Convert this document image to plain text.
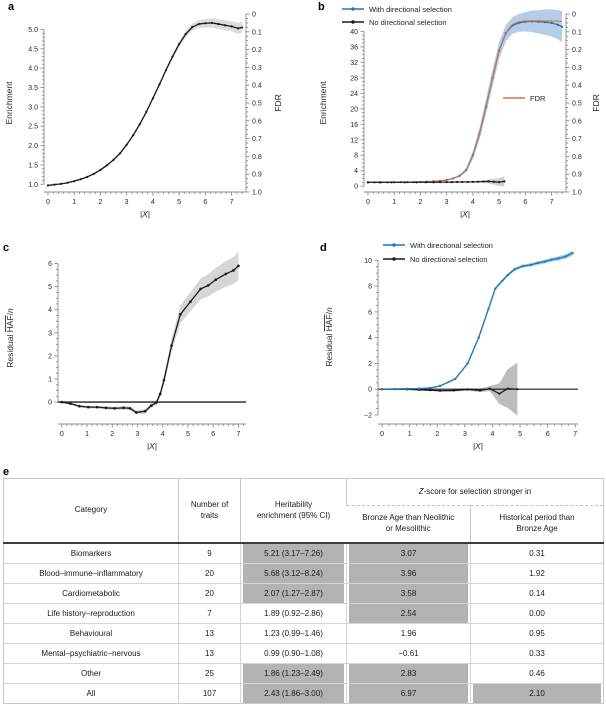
a	b
c	d
e
0	1	2	3	4	5	6	7
|X|
1.0
1.5
2.0
2.5
3.0
3.5
4.0
4.5
5.0
Enrichment
0
0.1
0.2
0.3
0.4
0.5
0.6
0.7
0.8
0.9
1.0
FDR
0	1	2	3	4	5	6	7
|X|
0
4
8
12
16
20
24
28
32
36
40
Enrichment
0
0.1
0.2
0.3
0.4
0.5
0.6
0.7
0.8
0.9
1.0
FDR
With directional selection
No directional selection
FDR
0	1	2	3	4	5	6	7
|X|
0
1
2
3
4
5
6
Residual HAF/n
0	1	2	3	4	5	6	7
|X|
−2
0
2
4
6
8
10
Residual HAF/n
With directional selection
No directional selection
Category	Number of traits	Heritability enrichment (95% CI)	Z-score for selection stronger in	
			Bronze Age than Neolithic or Mesolithic	Historical period than Bronze Age
Biomarkers	9	5.21 (3.17–7.26)	3.07	0.31
Blood–immune–inflammatory	20	5.68 (3.12–8.24)	3.96	1.92
Cardiometabolic	20	2.07 (1.27–2.87)	3.58	0.14
Life history–reproduction	7	1.89 (0.92–2.86)	2.54	0.00
Behavioural	13	1.23 (0.99–1.46)	1.96	0.95
Mental–psychiatric–nervous	13	0.99 (0.90–1.08)	−0.61	0.33
Other	25	1.86 (1.23–2.49)	2.83	0.46
All	107	2.43 (1.86–3.00)	6.97	2.10
